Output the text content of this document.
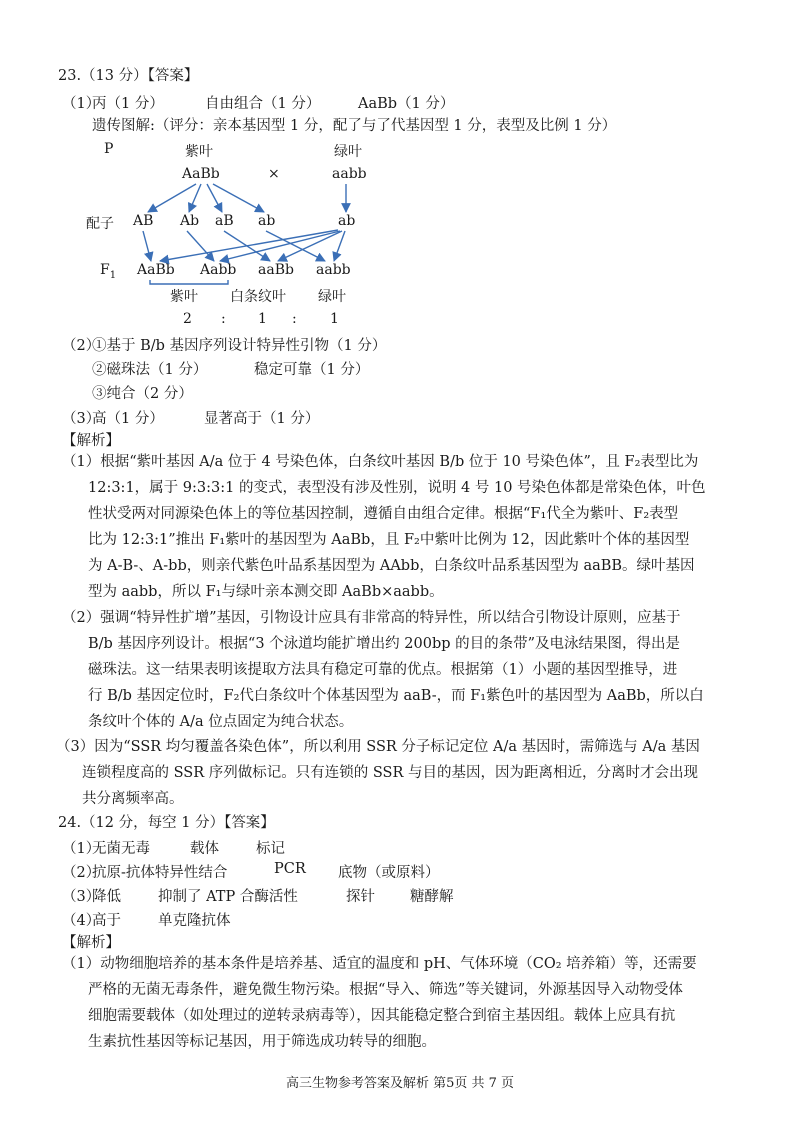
23.（13 分）【答案】
（1）
丙（1 分）	自由组合（1 分）	AaBb（1 分）
遗传图解:（评分：亲本基因型 1 分，配了与了代基因型 1 分，表型及比例 1 分）
P	紫叶	绿叶
AaBb	×	aabb
配子 AB Ab aB ab	ab
$F_1$ AaBb Aabb aaBb aabb
紫叶 白条纹叶 绿叶
2 : 1 : 1
（2）
①基于 B/b 基因序列设计特异性引物（1 分）
②磁珠法（1 分）	稳定可靠（1 分）
③纯合（2 分）
（3）
高（1 分）	显著高于（1 分）
【解析】
（1）根据“紫叶基因 A/a 位于 4 号染色体，白条纹叶基因 B/b 位于 10 号染色体”，且 F₂表型比为
12:3:1，属于 9:3:3:1 的变式，表型没有涉及性别，说明 4 号 10 号染色体都是常染色体，叶色
性状受两对同源染色体上的等位基因控制，遵循自由组合定律。根据“F₁代全为紫叶、F₂表型
比为 12:3:1”推出 F₁紫叶的基因型为 AaBb，且 F₂中紫叶比例为 12，因此紫叶个体的基因型
为 A-B-、A-bb，则亲代紫色叶品系基因型为 AAbb，白条纹叶品系基因型为 aaBB。绿叶基因
型为 aabb，所以 F₁与绿叶亲本测交即 AaBb×aabb。
（2）强调“特异性扩增”基因，引物设计应具有非常高的特异性，所以结合引物设计原则，应基于
B/b 基因序列设计。根据“3 个泳道均能扩增出约 200bp 的目的条带”及电泳结果图，得出是
磁珠法。这一结果表明该提取方法具有稳定可靠的优点。根据第（1）小题的基因型推导，进
行 B/b 基因定位时，F₂代白条纹叶个体基因型为 aaB-，而 F₁紫色叶的基因型为 AaBb，所以白
条纹叶个体的 A/a 位点固定为纯合状态。
（3）因为“SSR 均匀覆盖各染色体”，所以利用 SSR 分子标记定位 A/a 基因时，需筛选与 A/a 基因
连锁程度高的 SSR 序列做标记。只有连锁的 SSR 与目的基因，因为距离相近，分离时才会出现
共分离频率高。
24.（12 分，每空 1 分）【答案】
（1）
无菌无毒	载体	标记
（2）
抗原-抗体特异性结合	PCR 底物（或原料）
（3）
降低	抑制了 ATP 合酶活性	探针 糖酵解
（4）
高于	单克隆抗体
【解析】
（1）动物细胞培养的基本条件是培养基、适宜的温度和 pH、气体环境（CO₂ 培养箱）等，还需要
严格的无菌无毒条件，避免微生物污染。根据“导入、筛选”等关键词，外源基因导入动物受体
细胞需要载体（如处理过的逆转录病毒等），因其能稳定整合到宿主基因组。载体上应具有抗
生素抗性基因等标记基因，用于筛选成功转导的细胞。
高三生物参考答案及解析 第5页 共 7 页
